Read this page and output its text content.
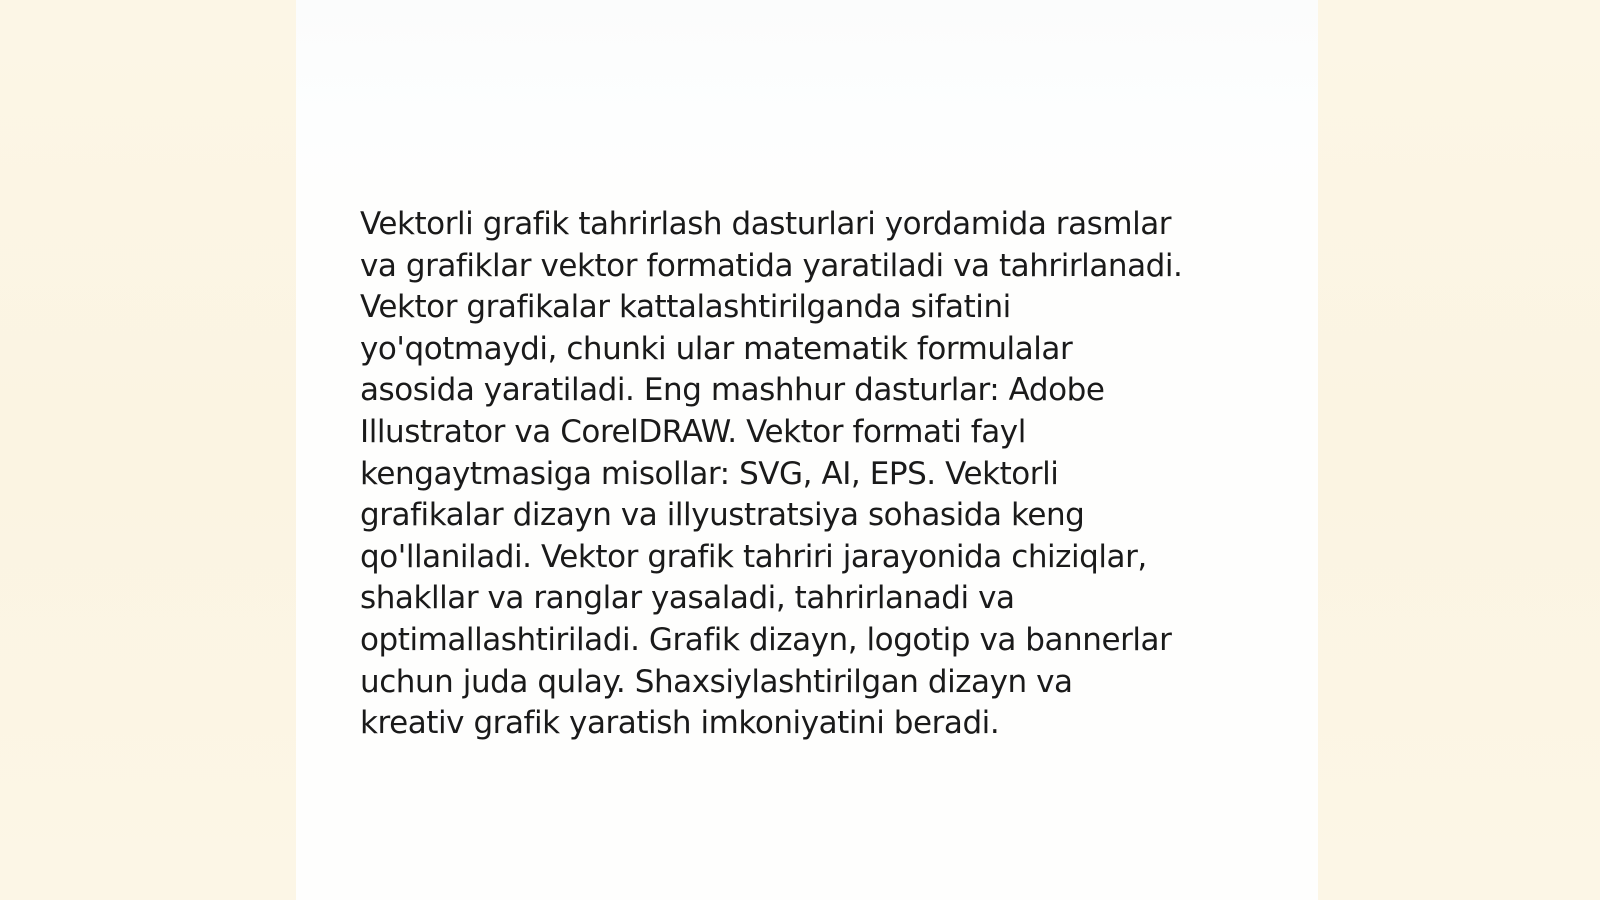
Vektorli grafik tahrirlash dasturlari yordamida rasmlar
va grafiklar vektor formatida yaratiladi va tahrirlanadi.
Vektor grafikalar kattalashtirilganda sifatini
yo'qotmaydi, chunki ular matematik formulalar
asosida yaratiladi. Eng mashhur dasturlar: Adobe
Illustrator va CorelDRAW. Vektor formati fayl
kengaytmasiga misollar: SVG, AI, EPS. Vektorli
grafikalar dizayn va illyustratsiya sohasida keng
qo'llaniladi. Vektor grafik tahriri jarayonida chiziqlar,
shakllar va ranglar yasaladi, tahrirlanadi va
optimallashtiriladi. Grafik dizayn, logotip va bannerlar
uchun juda qulay. Shaxsiylashtirilgan dizayn va
kreativ grafik yaratish imkoniyatini beradi.
